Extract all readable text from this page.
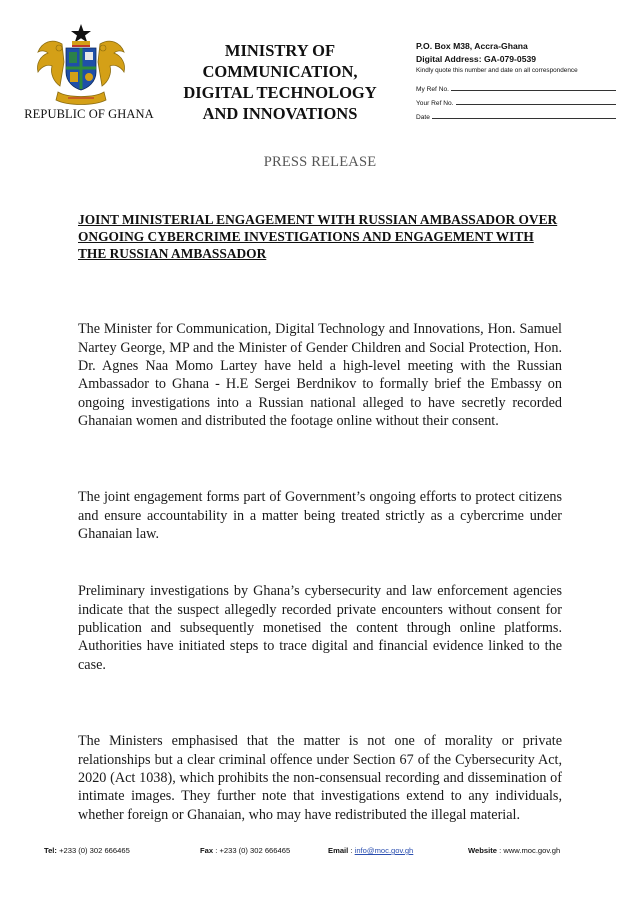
REPUBLIC OF GHANA
MINISTRY OF
COMMUNICATION,
DIGITAL TECHNOLOGY
AND INNOVATIONS
P.O. Box M38, Accra-Ghana
Digital Address: GA-079-0539
Kindly quote this number and date on all correspondence
My Ref No.
Your Ref No.
Date
PRESS RELEASE
JOINT MINISTERIAL ENGAGEMENT WITH RUSSIAN AMBASSADOR OVER
ONGOING CYBERCRIME INVESTIGATIONS AND ENGAGEMENT WITH
THE RUSSIAN AMBASSADOR

The Minister for Communication, Digital Technology and Innovations, Hon. Samuel Nartey George, MP and the Minister of Gender Children and Social Protection, Hon. Dr. Agnes Naa Momo Lartey have held a high-level meeting with the Russian Ambassador to Ghana - H.E Sergei Berdnikov to formally brief the Embassy on ongoing investigations into a Russian national alleged to have secretly recorded Ghanaian women and distributed the footage online without their consent.

The joint engagement forms part of Government’s ongoing efforts to protect citizens and ensure accountability in a matter being treated strictly as a cybercrime under Ghanaian law.

Preliminary investigations by Ghana’s cybersecurity and law enforcement agencies indicate that the suspect allegedly recorded private encounters without consent for publication and subsequently monetised the content through online platforms. Authorities have initiated steps to trace digital and financial evidence linked to the case.

The Ministers emphasised that the matter is not one of morality or private relationships but a clear criminal offence under Section 67 of the Cybersecurity Act, 2020 (Act 1038), which prohibits the non-consensual recording and dissemination of intimate images. They further note that investigations extend to any individuals, whether foreign or Ghanaian, who may have redistributed the illegal material.

Tel: +233 (0) 302 666465	Fax : +233 (0) 302 666465	Email : info@moc.gov.gh	Website : www.moc.gov.gh
